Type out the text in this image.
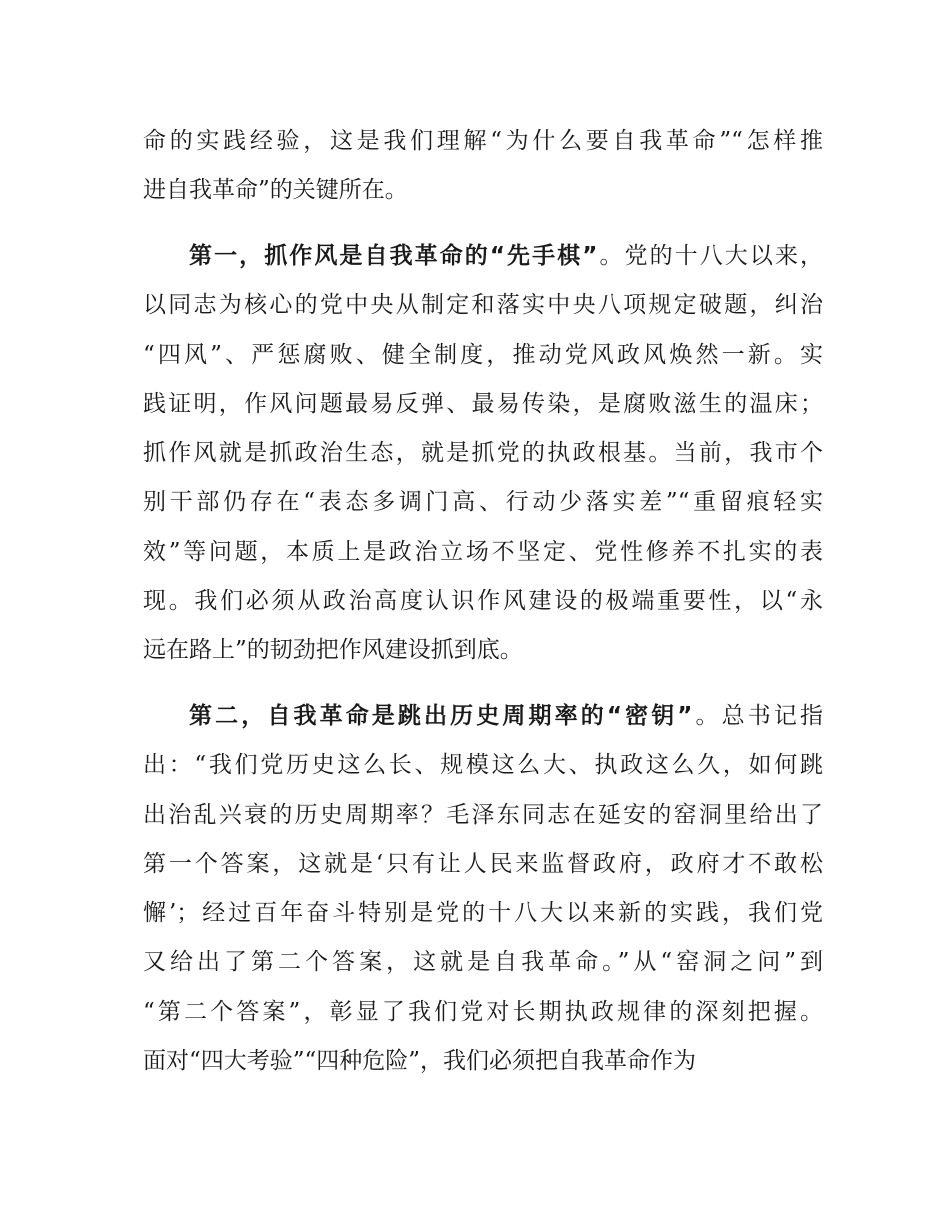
命的实践经验，这是我们理解“为什么要自我革命”“怎样推
进自我革命”的关键所在。
第一，抓作风是自我革命的“先手棋”。党的十八大以来，
以同志为核心的党中央从制定和落实中央八项规定破题，纠治
“四风”、严惩腐败、健全制度，推动党风政风焕然一新。实
践证明，作风问题最易反弹、最易传染，是腐败滋生的温床；
抓作风就是抓政治生态，就是抓党的执政根基。当前，我市个
别干部仍存在“表态多调门高、行动少落实差”“重留痕轻实
效”等问题，本质上是政治立场不坚定、党性修养不扎实的表
现。我们必须从政治高度认识作风建设的极端重要性，以“永
远在路上”的韧劲把作风建设抓到底。
第二，自我革命是跳出历史周期率的“密钥”。总书记指
出：“我们党历史这么长、规模这么大、执政这么久，如何跳
出治乱兴衰的历史周期率？毛泽东同志在延安的窑洞里给出了
第一个答案，这就是‘只有让人民来监督政府，政府才不敢松
懈’；经过百年奋斗特别是党的十八大以来新的实践，我们党
又给出了第二个答案，这就是自我革命。”从“窑洞之问”到
“第二个答案”，彰显了我们党对长期执政规律的深刻把握。
面对“四大考验”“四种危险”，我们必须把自我革命作为
